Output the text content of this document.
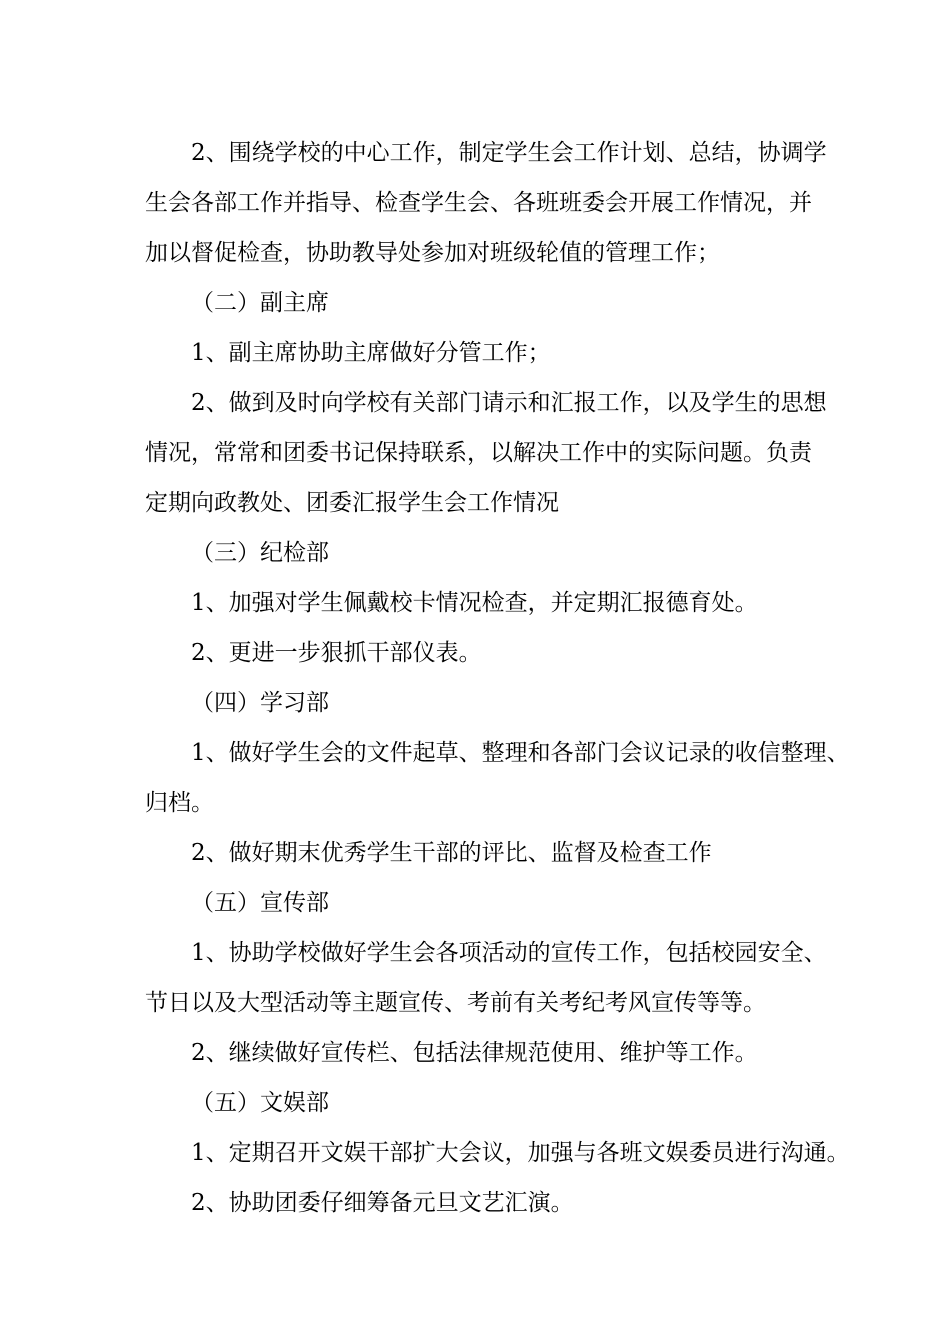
2、围绕学校的中心工作，制定学生会工作计划、总结，协调学

生会各部工作并指导、检查学生会、各班班委会开展工作情况，并

加以督促检查，协助教导处参加对班级轮值的管理工作；

（二）副主席

1、副主席协助主席做好分管工作；

2、做到及时向学校有关部门请示和汇报工作，以及学生的思想

情况，常常和团委书记保持联系，以解决工作中的实际问题。负责

定期向政教处、团委汇报学生会工作情况

（三）纪检部

1、加强对学生佩戴校卡情况检查，并定期汇报德育处。

2、更进一步狠抓干部仪表。

（四）学习部

1、做好学生会的文件起草、整理和各部门会议记录的收信整理、

归档。

2、做好期末优秀学生干部的评比、监督及检查工作

（五）宣传部

1、协助学校做好学生会各项活动的宣传工作，包括校园安全、

节日以及大型活动等主题宣传、考前有关考纪考风宣传等等。

2、继续做好宣传栏、包括法律规范使用、维护等工作。

（五）文娱部

1、定期召开文娱干部扩大会议，加强与各班文娱委员进行沟通。

2、协助团委仔细筹备元旦文艺汇演。
